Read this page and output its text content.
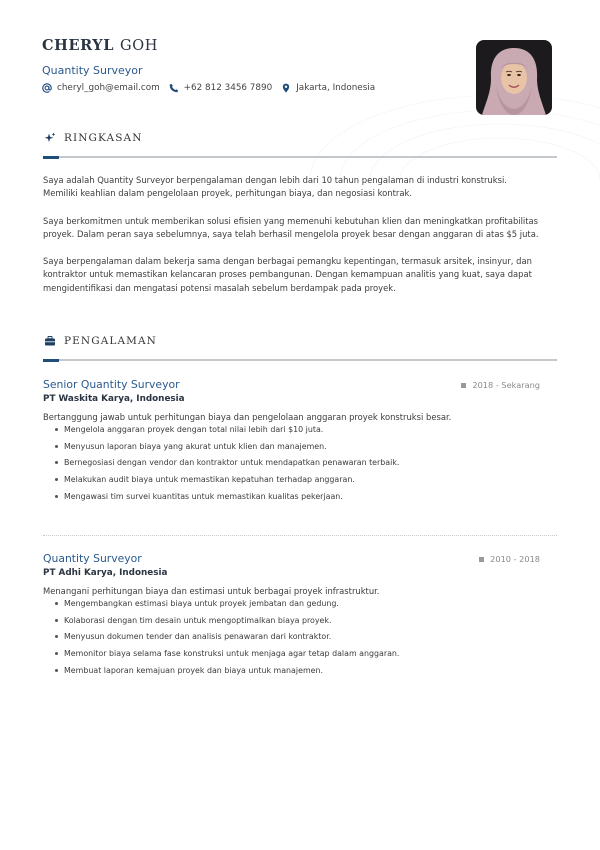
CHERYL GOH
Quantity Surveyor
cheryl_goh@email.com	+62 812 3456 7890	Jakarta, Indonesia
RINGKASAN

Saya adalah Quantity Surveyor berpengalaman dengan lebih dari 10 tahun pengalaman di industri konstruksi. Memiliki keahlian dalam pengelolaan proyek, perhitungan biaya, dan negosiasi kontrak.

Saya berkomitmen untuk memberikan solusi efisien yang memenuhi kebutuhan klien dan meningkatkan profitabilitas proyek. Dalam peran saya sebelumnya, saya telah berhasil mengelola proyek besar dengan anggaran di atas $5 juta.

Saya berpengalaman dalam bekerja sama dengan berbagai pemangku kepentingan, termasuk arsitek, insinyur, dan kontraktor untuk memastikan kelancaran proses pembangunan. Dengan kemampuan analitis yang kuat, saya dapat mengidentifikasi dan mengatasi potensi masalah sebelum berdampak pada proyek.

PENGALAMAN
Senior Quantity Surveyor	2018 - Sekarang
PT Waskita Karya, Indonesia
Bertanggung jawab untuk perhitungan biaya dan pengelolaan anggaran proyek konstruksi besar.
Mengelola anggaran proyek dengan total nilai lebih dari $10 juta.
Menyusun laporan biaya yang akurat untuk klien dan manajemen.
Bernegosiasi dengan vendor dan kontraktor untuk mendapatkan penawaran terbaik.
Melakukan audit biaya untuk memastikan kepatuhan terhadap anggaran.
Mengawasi tim survei kuantitas untuk memastikan kualitas pekerjaan.
Quantity Surveyor	2010 - 2018
PT Adhi Karya, Indonesia
Menangani perhitungan biaya dan estimasi untuk berbagai proyek infrastruktur.
Mengembangkan estimasi biaya untuk proyek jembatan dan gedung.
Kolaborasi dengan tim desain untuk mengoptimalkan biaya proyek.
Menyusun dokumen tender dan analisis penawaran dari kontraktor.
Memonitor biaya selama fase konstruksi untuk menjaga agar tetap dalam anggaran.
Membuat laporan kemajuan proyek dan biaya untuk manajemen.
